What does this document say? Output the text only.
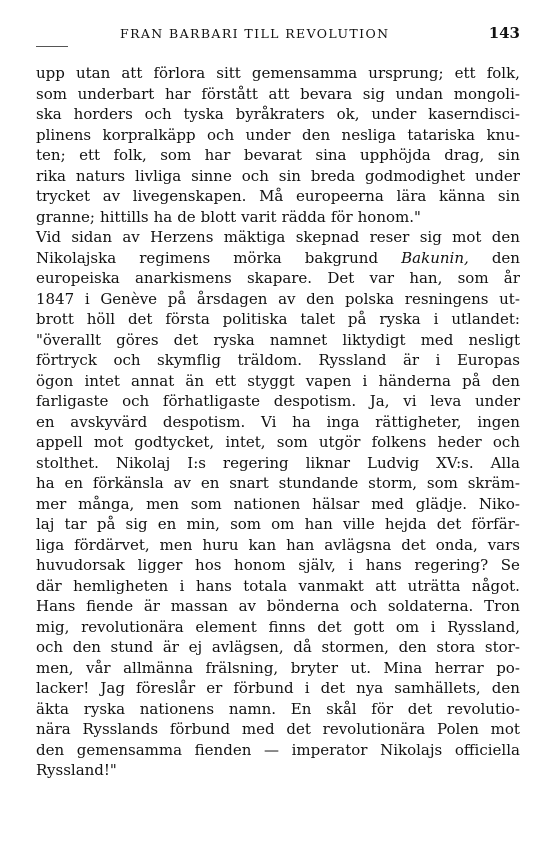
FRAN BARBARI TILL REVOLUTION	143
upp utan att förlora sitt gemensamma ursprung; ett folk,
som underbart har förstått att bevara sig undan mongoli-
ska horders och tyska byråkraters ok, under kaserndisci-
plinens korpralkäpp och under den nesliga tatariska knu-
ten; ett folk, som har bevarat sina upphöjda drag, sin
rika naturs livliga sinne och sin breda godmodighet under
trycket av livegenskapen. Må europeerna lära känna sin
granne; hittills ha de blott varit rädda för honom."
Vid sidan av Herzens mäktiga skepnad reser sig mot den
Nikolajska regimens mörka bakgrund Bakunin, den
europeiska anarkismens skapare. Det var han, som år
1847 i Genève på årsdagen av den polska resningens ut-
brott höll det första politiska talet på ryska i utlandet:
"överallt göres det ryska namnet liktydigt med nesligt
förtryck och skymflig träldom. Ryssland är i Europas
ögon intet annat än ett styggt vapen i händerna på den
farligaste och förhatligaste despotism. Ja, vi leva under
en avskyvärd despotism. Vi ha inga rättigheter, ingen
appell mot godtycket, intet, som utgör folkens heder och
stolthet. Nikolaj I:s regering liknar Ludvig XV:s. Alla
ha en förkänsla av en snart stundande storm, som skräm-
mer många, men som nationen hälsar med glädje. Niko-
laj tar på sig en min, som om han ville hejda det förfär-
liga fördärvet, men huru kan han avlägsna det onda, vars
huvudorsak ligger hos honom själv, i hans regering? Se
där hemligheten i hans totala vanmakt att uträtta något.
Hans fiende är massan av bönderna och soldaterna. Tron
mig, revolutionära element finns det gott om i Ryssland,
och den stund är ej avlägsen, då stormen, den stora stor-
men, vår allmänna frälsning, bryter ut. Mina herrar po-
lacker! Jag föreslår er förbund i det nya samhällets, den
äkta ryska nationens namn. En skål för det revolutio-
nära Rysslands förbund med det revolutionära Polen mot
den gemensamma fienden — imperator Nikolajs officiella
Ryssland!"
